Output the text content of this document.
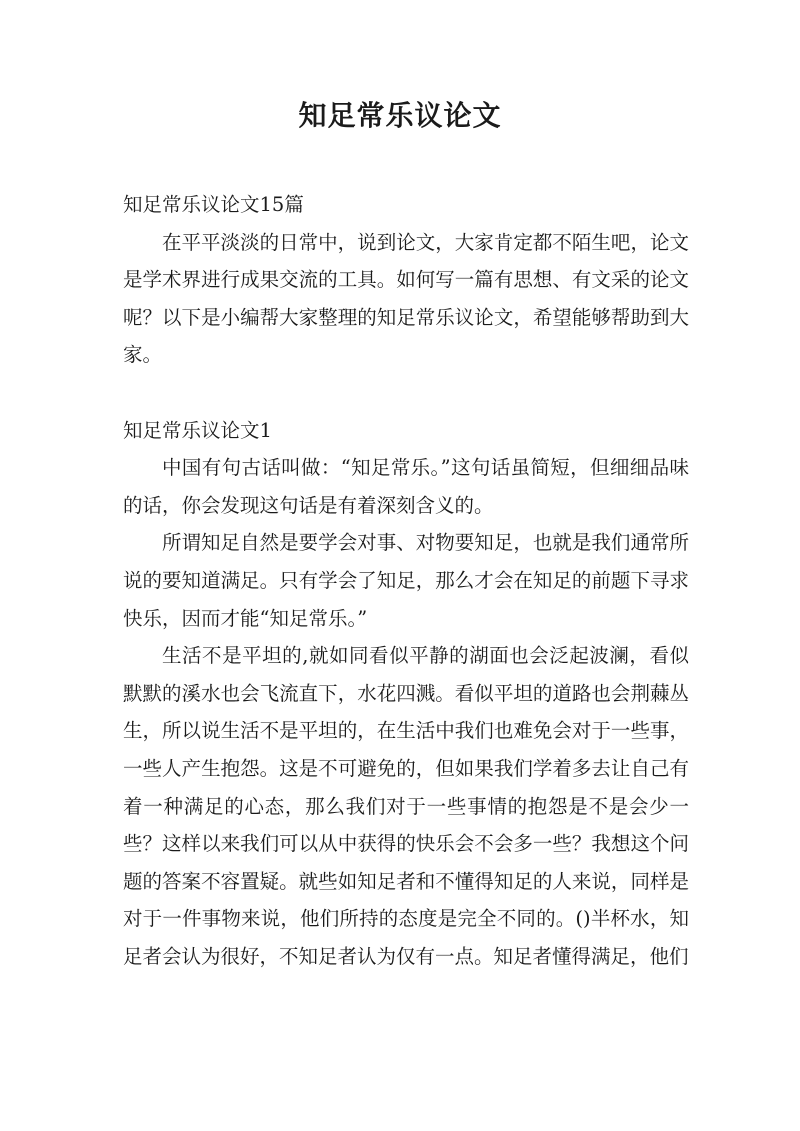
知足常乐议论文

知足常乐议论文15篇

在平平淡淡的日常中，说到论文，大家肯定都不陌生吧，论文是学术界进行成果交流的工具。如何写一篇有思想、有文采的论文呢？以下是小编帮大家整理的知足常乐议论文，希望能够帮助到大家。

知足常乐议论文1

中国有句古话叫做：“知足常乐。”这句话虽简短，但细细品味的话，你会发现这句话是有着深刻含义的。

所谓知足自然是要学会对事、对物要知足，也就是我们通常所说的要知道满足。只有学会了知足，那么才会在知足的前题下寻求快乐，因而才能“知足常乐。”

生活不是平坦的,就如同看似平静的湖面也会泛起波澜，看似默默的溪水也会飞流直下，水花四溅。看似平坦的道路也会荆蕀丛生，所以说生活不是平坦的，在生活中我们也难免会对于一些事，一些人产生抱怨。这是不可避免的，但如果我们学着多去让自己有着一种满足的心态，那么我们对于一些事情的抱怨是不是会少一些？这样以来我们可以从中获得的快乐会不会多一些？我想这个问题的答案不容置疑。就些如知足者和不懂得知足的人来说，同样是对于一件事物来说，他们所持的态度是完全不同的。()半杯水，知足者会认为很好，不知足者认为仅有一点。知足者懂得满足，他们
